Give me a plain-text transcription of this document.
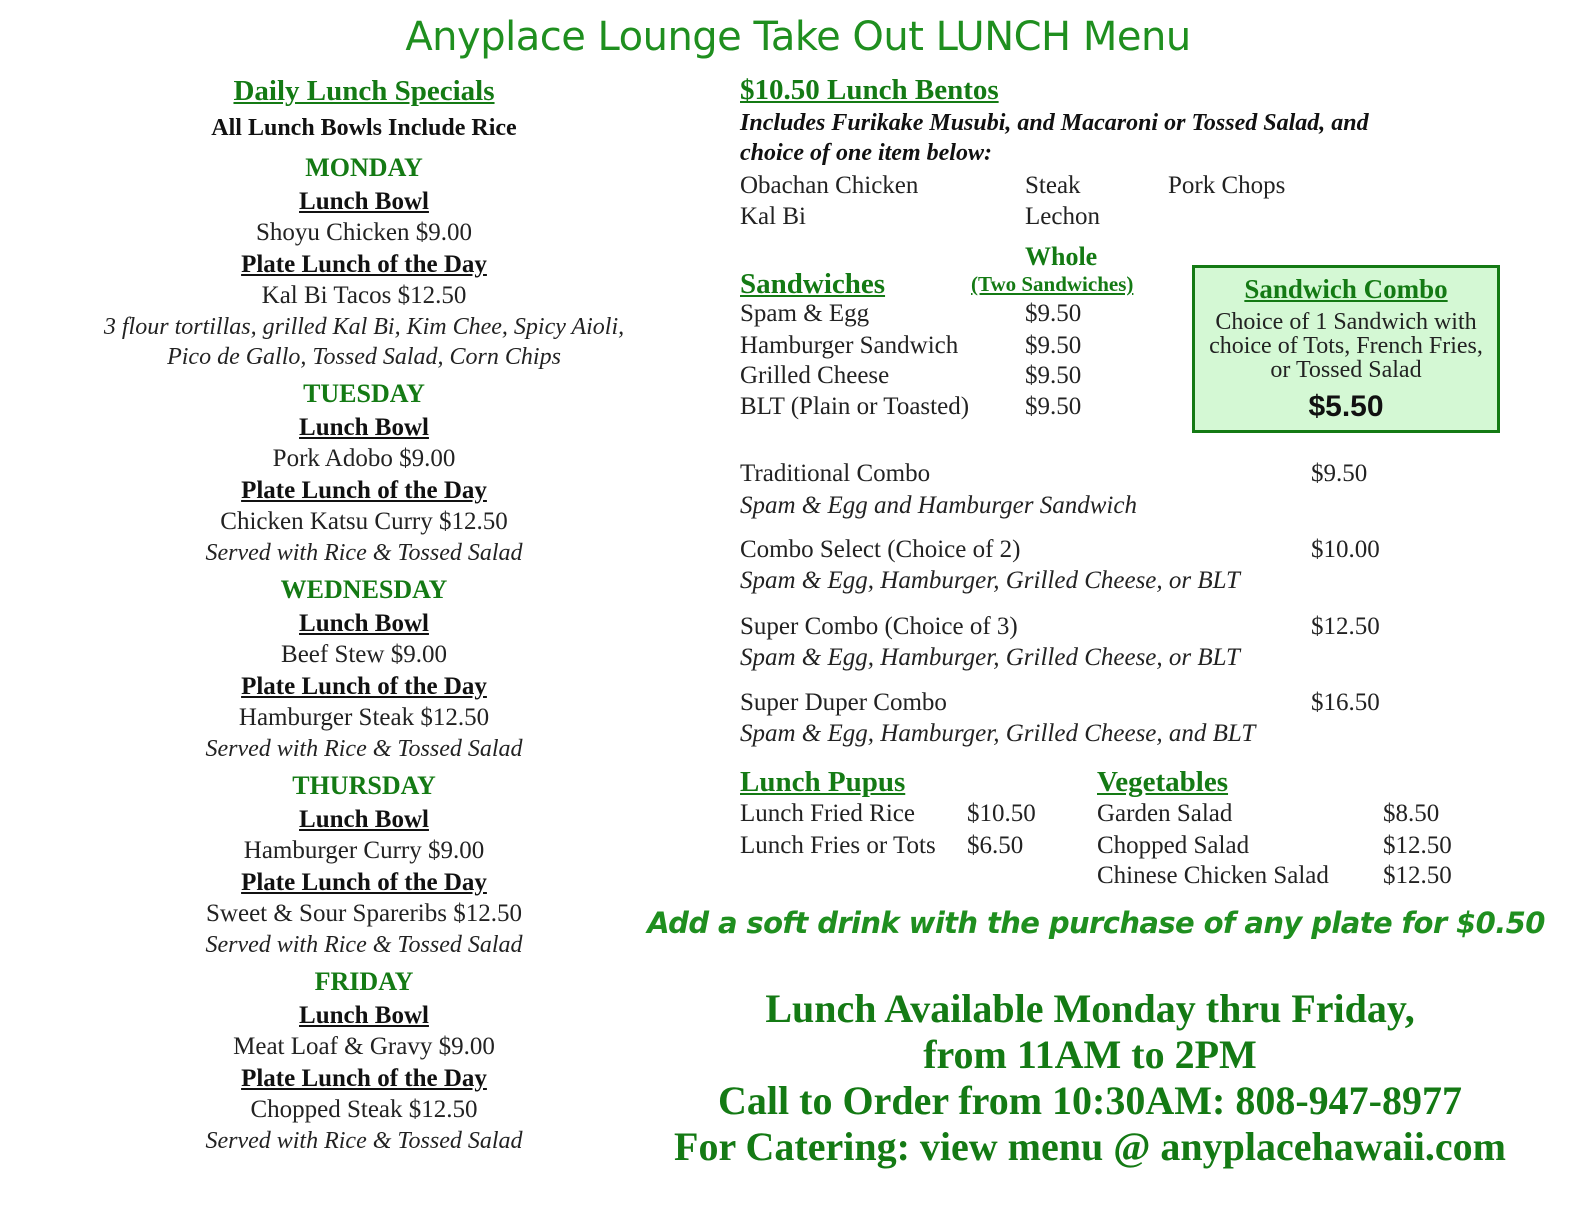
Anyplace Lounge Take Out LUNCH Menu
Daily Lunch Specials
All Lunch Bowls Include Rice
MONDAY
Lunch Bowl
Shoyu Chicken $9.00
Plate Lunch of the Day
Kal Bi Tacos $12.50
3 flour tortillas, grilled Kal Bi, Kim Chee, Spicy Aioli,
Pico de Gallo, Tossed Salad, Corn Chips
TUESDAY
Lunch Bowl
Pork Adobo $9.00
Plate Lunch of the Day
Chicken Katsu Curry $12.50
Served with Rice & Tossed Salad
WEDNESDAY
Lunch Bowl
Beef Stew $9.00
Plate Lunch of the Day
Hamburger Steak $12.50
Served with Rice & Tossed Salad
THURSDAY
Lunch Bowl
Hamburger Curry $9.00
Plate Lunch of the Day
Sweet & Sour Spareribs $12.50
Served with Rice & Tossed Salad
FRIDAY
Lunch Bowl
Meat Loaf & Gravy $9.00
Plate Lunch of the Day
Chopped Steak $12.50
Served with Rice & Tossed Salad
$10.50 Lunch Bentos
Includes Furikake Musubi, and Macaroni or Tossed Salad, and
choice of one item below:
Obachan Chicken	Steak	Pork Chops
Kal Bi	Lechon
Whole
Sandwiches	(Two Sandwiches)
Spam & Egg	$9.50
Hamburger Sandwich	$9.50
Grilled Cheese	$9.50
BLT (Plain or Toasted) $9.50
Sandwich Combo
Choice of 1 Sandwich with choice of Tots, French Fries, or Tossed Salad
$5.50
Traditional Combo	$9.50
Spam & Egg and Hamburger Sandwich
Combo Select (Choice of 2)	$10.00
Spam & Egg, Hamburger, Grilled Cheese, or BLT
Super Combo (Choice of 3)	$12.50
Spam & Egg, Hamburger, Grilled Cheese, or BLT
Super Duper Combo	$16.50
Spam & Egg, Hamburger, Grilled Cheese, and BLT
Lunch Pupus
Lunch Fried Rice $10.50
Lunch Fries or Tots $6.50
Vegetables
Garden Salad	$8.50
Chopped Salad	$12.50
Chinese Chicken Salad $12.50
Add a soft drink with the purchase of any plate for $0.50
Lunch Available Monday thru Friday,
from 11AM to 2PM
Call to Order from 10:30AM: 808-947-8977
For Catering: view menu @ anyplacehawaii.com
